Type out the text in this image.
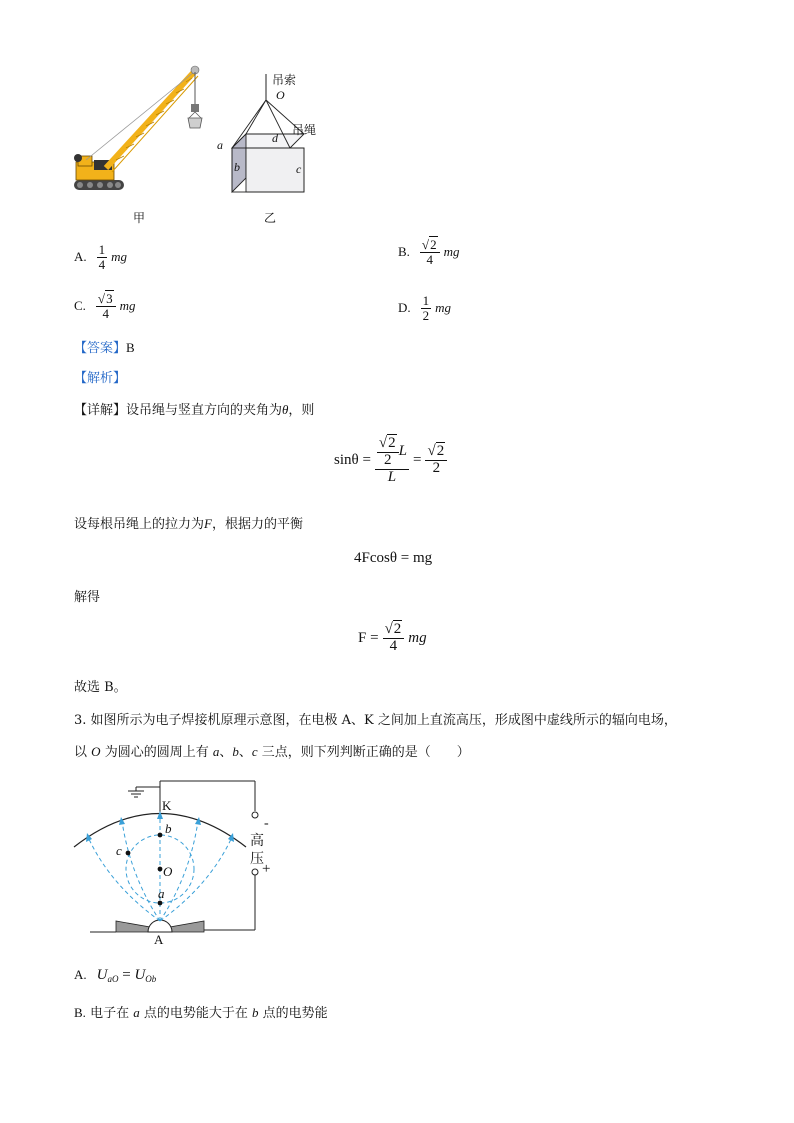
吊索
O
吊绳
a	d
b	c
甲	乙
A. $\frac{1}{4}$ mg	B. $\frac{√2}{4}$ mg
C. $\frac{√3}{4}$ mg	D. $\frac{1}{2}$ mg
【答案】B
【解析】
【详解】设吊绳与竖直方向的夹角为θ，则
$\sin\theta = \frac{\frac{√2}{2} L}{L} = \frac{√2}{2}$
设每根吊绳上的拉力为F，根据力的平衡
4Fcosθ = mg
解得
$F = \frac{√2}{4}$ mg
故选 B。
3. 如图所示为电子焊接机原理示意图，在电极 A、K 之间加上直流高压，形成图中虚线所示的辐向电场，
以 O 为圆心的圆周上有 a、b、c 三点，则下列判断正确的是（　　）
K
b
c
O
a
A
-
高
压
+
A. $U_{aO} = U_{Ob}$
B. 电子在 a 点的电势能大于在 b 点的电势能
